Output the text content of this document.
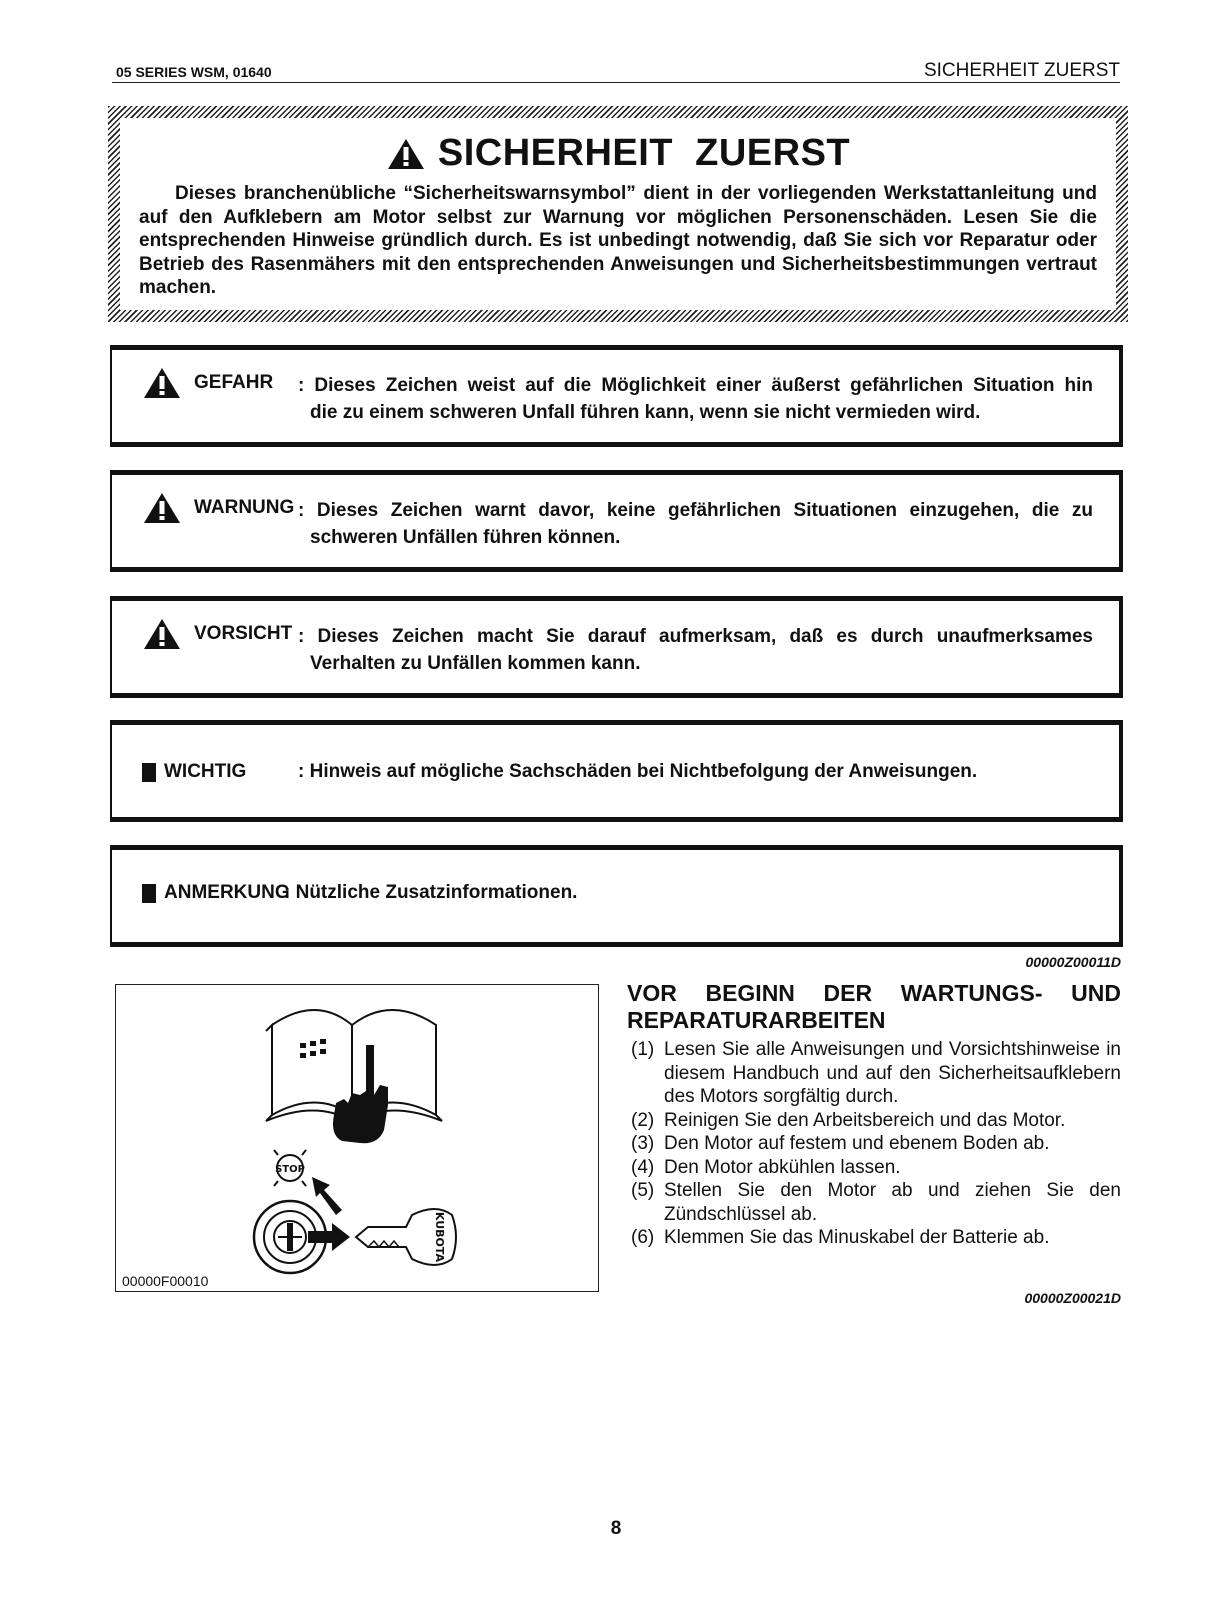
05 SERIES WSM, 01640	SICHERHEIT ZUERST
SICHERHEIT  ZUERST
Dieses branchenübliche “Sicherheitswarnsymbol” dient in der vorliegenden Werkstattanleitung und auf den Aufklebern am Motor selbst zur Warnung vor möglichen Personenschäden. Lesen Sie die entsprechenden Hinweise gründlich durch. Es ist unbedingt notwendig, daß Sie sich vor Reparatur oder Betrieb des Rasenmähers mit den entsprechenden Anweisungen und Sicherheitsbestimmungen vertraut machen.
GEFAHR : Dieses Zeichen weist auf die Möglichkeit einer äußerst gefährlichen Situation hin
die zu einem schweren Unfall führen kann, wenn sie nicht vermieden wird.
WARNUNG : Dieses Zeichen warnt davor, keine gefährlichen Situationen einzugehen, die zu
schweren Unfällen führen können.
VORSICHT : Dieses Zeichen macht Sie darauf aufmerksam, daß es durch unaufmerksames
Verhalten zu Unfällen kommen kann.
WICHTIG	: Hinweis auf mögliche Sachschäden bei Nichtbefolgung der Anweisungen.
ANMERKUNG
: Nützliche Zusatzinformationen.
00000Z00011D
STOP
KUBOTA
00000F00010
VOR BEGINN DER WARTUNGS- UND
REPARATURARBEITEN
(1) Lesen Sie alle Anweisungen und Vorsichtshinweise in diesem Handbuch und auf den Sicherheitsaufklebern des Motors sorgfältig durch.
(2) Reinigen Sie den Arbeitsbereich und das Motor.
(3) Den Motor auf festem und ebenem Boden ab.
(4) Den Motor abkühlen lassen.
(5) Stellen Sie den Motor ab und ziehen Sie den Zündschlüssel ab.
(6) Klemmen Sie das Minuskabel der Batterie ab.
00000Z00021D
8
